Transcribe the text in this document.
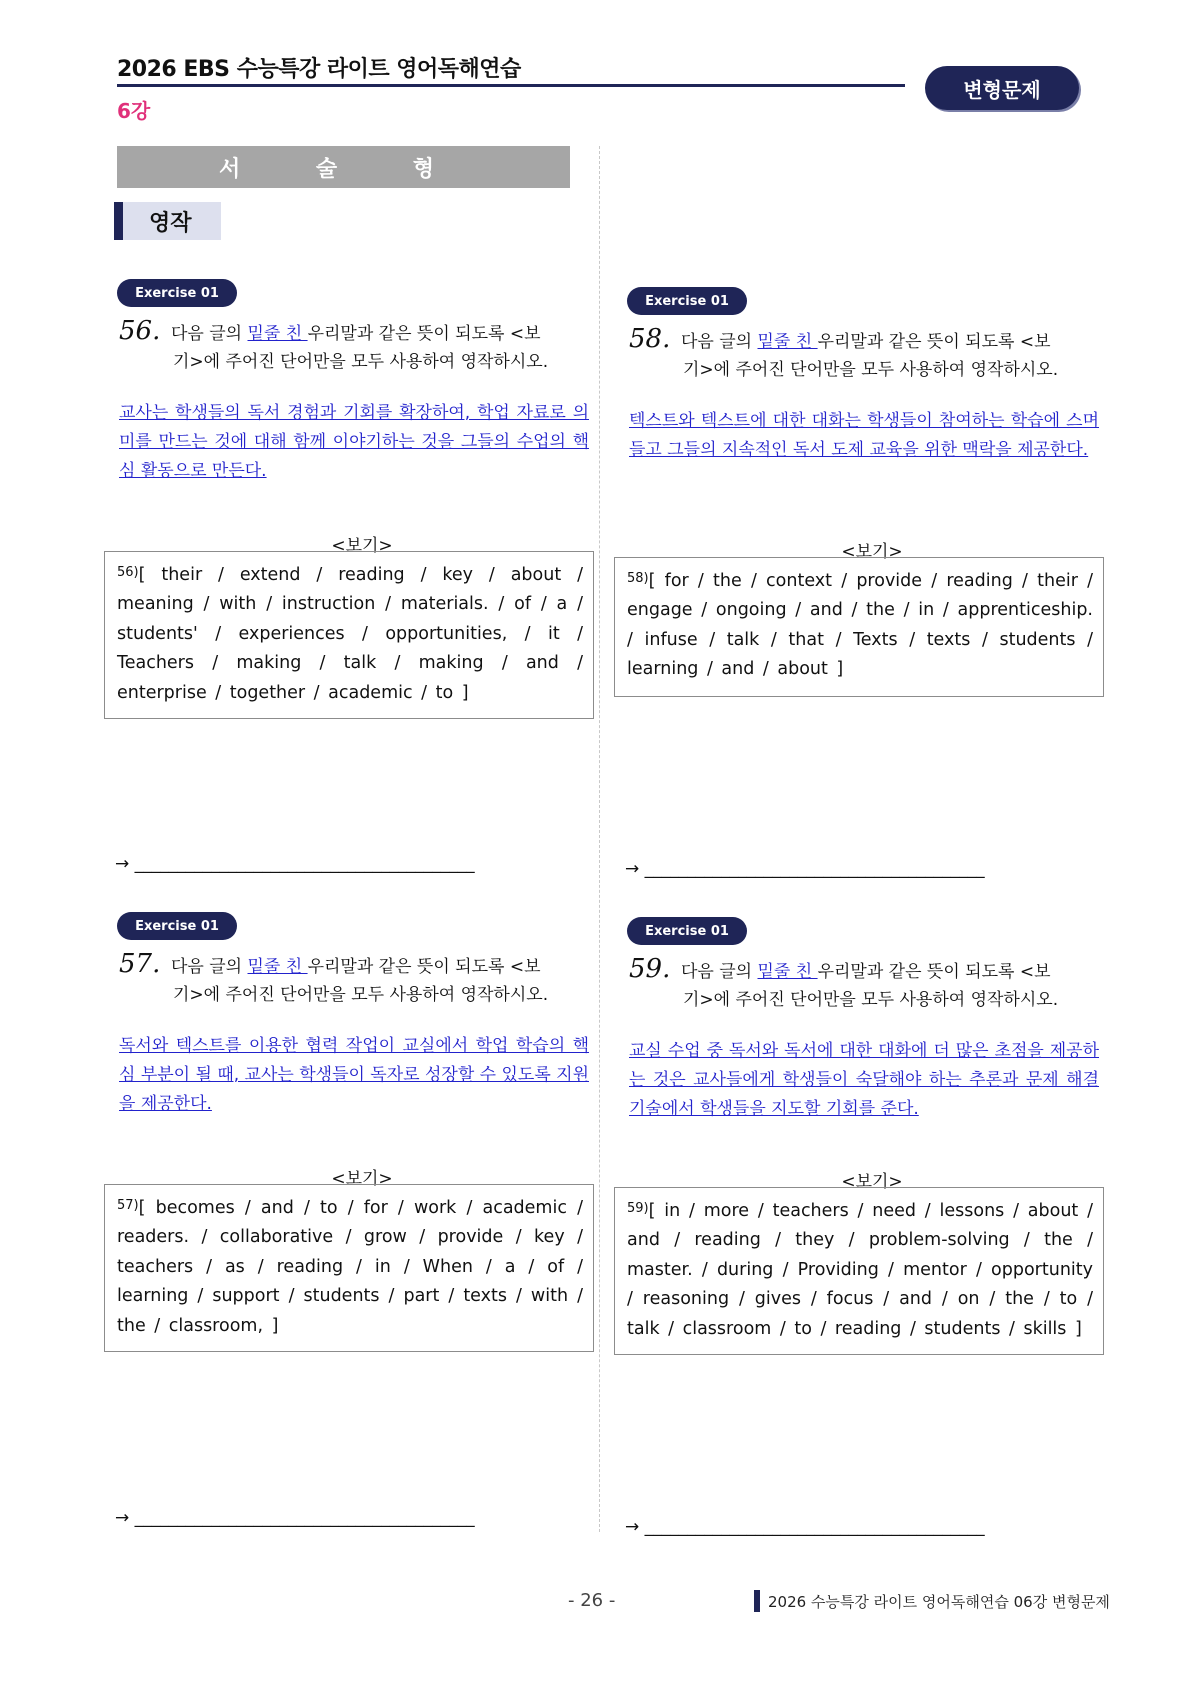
2026 EBS 수능특강 라이트 영어독해연습
6강
변형문제
서 술 형
영작
Exercise 01
56. 다음 글의 밑줄 친 우리말과 같은 뜻이 되도록 <보
기>에 주어진 단어만을 모두 사용하여 영작하시오.
교사는 학생들의 독서 경험과 기회를 확장하여, 학업 자료로 의미를 만드는 것에 대해 함께 이야기하는 것을 그들의 수업의 핵심 활동으로 만든다.
<보기>
$^{56)}$[ their / extend / reading / key / about / meaning / with / instruction / materials. / of / a / students' / experiences / opportunities, / it / Teachers / making / talk / making / and / enterprise / together / academic / to ]
→ ________________________________________
Exercise 01
57. 다음 글의 밑줄 친 우리말과 같은 뜻이 되도록 <보
기>에 주어진 단어만을 모두 사용하여 영작하시오.
독서와 텍스트를 이용한 협력 작업이 교실에서 학업 학습의 핵심 부분이 될 때, 교사는 학생들이 독자로 성장할 수 있도록 지원을 제공한다.
<보기>
$^{57)}$[ becomes / and / to / for / work / academic / readers. / collaborative / grow / provide / key / teachers / as / reading / in / When / a / of / learning / support / students / part / texts / with / the / classroom, ]
→ ________________________________________
Exercise 01
58. 다음 글의 밑줄 친 우리말과 같은 뜻이 되도록 <보
기>에 주어진 단어만을 모두 사용하여 영작하시오.
텍스트와 텍스트에 대한 대화는 학생들이 참여하는 학습에 스며들고 그들의 지속적인 독서 도제 교육을 위한 맥락을 제공한다.
<보기>
$^{58)}$[ for / the / context / provide / reading / their / engage / ongoing / and / the / in / apprenticeship. / infuse / talk / that / Texts / texts / students / learning / and / about ]
→ ________________________________________
Exercise 01
59. 다음 글의 밑줄 친 우리말과 같은 뜻이 되도록 <보
기>에 주어진 단어만을 모두 사용하여 영작하시오.
교실 수업 중 독서와 독서에 대한 대화에 더 많은 초점을 제공하는 것은 교사들에게 학생들이 숙달해야 하는 추론과 문제 해결 기술에서 학생들을 지도할 기회를 준다.
<보기>
$^{59)}$[ in / more / teachers / need / lessons / about / and / reading / they / problem-solving / the / master. / during / Providing / mentor / opportunity / reasoning / gives / focus / and / on / the / to / talk / classroom / to / reading / students / skills ]
→ ________________________________________
- 26 -	2026 수능특강 라이트 영어독해연습 06강 변형문제
